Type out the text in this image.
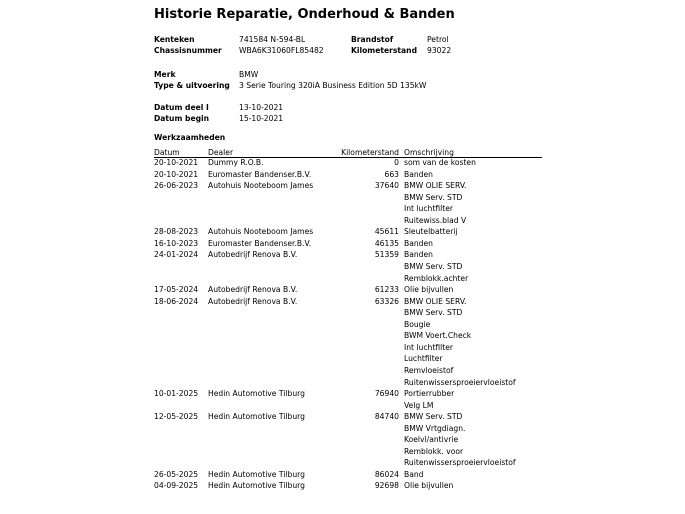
Historie Reparatie, Onderhoud & Banden
Kenteken	741584 N-594-BL	Brandstof	Petrol
Chassisnummer WBA6K31060FL85482	Kilometerstand 93022
Merk	BMW
Type & uitvoering 3 Serie Touring 320iA Business Edition 5D 135kW
Datum deel I	13-10-2021
Datum begin	15-10-2021
Werkzaamheden
Datum	Dealer	Kilometerstand Omschrijving
20-10-2021 Dummy R.O.B.	0 som van de kosten
20-10-2021 Euromaster Bandenser.B.V.	663 Banden
26-06-2023 Autohuis Nooteboom James	37640 BMW OLIE SERV.
BMW Serv. STD
Int luchtfilter
Ruitewiss.blad V
28-08-2023 Autohuis Nooteboom James	45611 Sleutelbatterij
16-10-2023 Euromaster Bandenser.B.V.	46135 Banden
24-01-2024 Autobedrijf Renova B.V.	51359 Banden
BMW Serv. STD
Remblokk.achter
17-05-2024 Autobedrijf Renova B.V.	61233 Olie bijvullen
18-06-2024 Autobedrijf Renova B.V.	63326 BMW OLIE SERV.
BMW Serv. STD
Bougie
BWM Voert.Check
Int luchtfilter
Luchtfilter
Remvloeistof
Ruitenwissersproeiervloeistof
10-01-2025 Hedin Automotive Tilburg	76940 Portierrubber
Velg LM
12-05-2025 Hedin Automotive Tilburg	84740 BMW Serv. STD
BMW Vrtgdiagn.
Koelvl/antivrie
Remblokk. voor
Ruitenwissersproeiervloeistof
26-05-2025 Hedin Automotive Tilburg	86024 Band
04-09-2025 Hedin Automotive Tilburg	92698 Olie bijvullen
